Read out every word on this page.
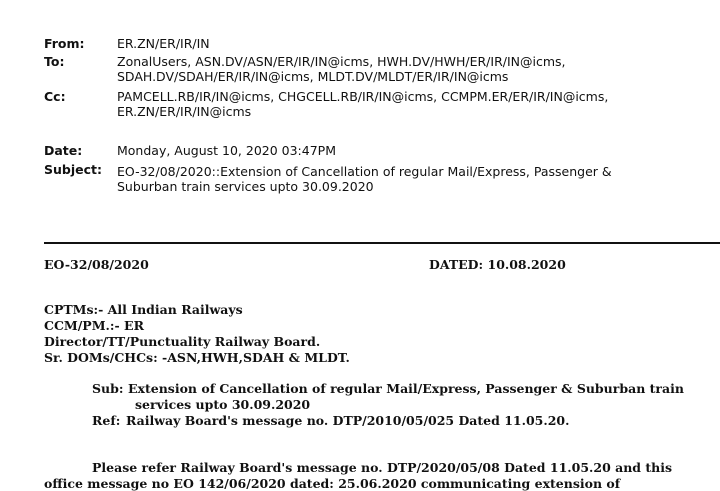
From:	ER.ZN/ER/IR/IN
To:	ZonalUsers, ASN.DV/ASN/ER/IR/IN@icms, HWH.DV/HWH/ER/IR/IN@icms,
SDAH.DV/SDAH/ER/IR/IN@icms, MLDT.DV/MLDT/ER/IR/IN@icms
Cc:	PAMCELL.RB/IR/IN@icms, CHGCELL.RB/IR/IN@icms, CCMPM.ER/ER/IR/IN@icms,
ER.ZN/ER/IR/IN@icms
Date:	Monday, August 10, 2020 03:47PM
Subject: EO-32/08/2020::Extension of Cancellation of regular Mail/Express, Passenger &
Suburban train services upto 30.09.2020
EO-32/08/2020	DATED: 10.08.2020
CPTMs:- All Indian Railways
CCM/PM.:- ER
Director/TT/Punctuality Railway Board.
Sr. DOMs/CHCs: -ASN,HWH,SDAH & MLDT.
Sub: Extension of Cancellation of regular Mail/Express, Passenger & Suburban train
services upto 30.09.2020
Ref: Railway Board's message no. DTP/2010/05/025 Dated 11.05.20.
Please refer Railway Board's message no. DTP/2020/05/08 Dated 11.05.20 and this
office message no EO 142/06/2020 dated: 25.06.2020 communicating extension of
